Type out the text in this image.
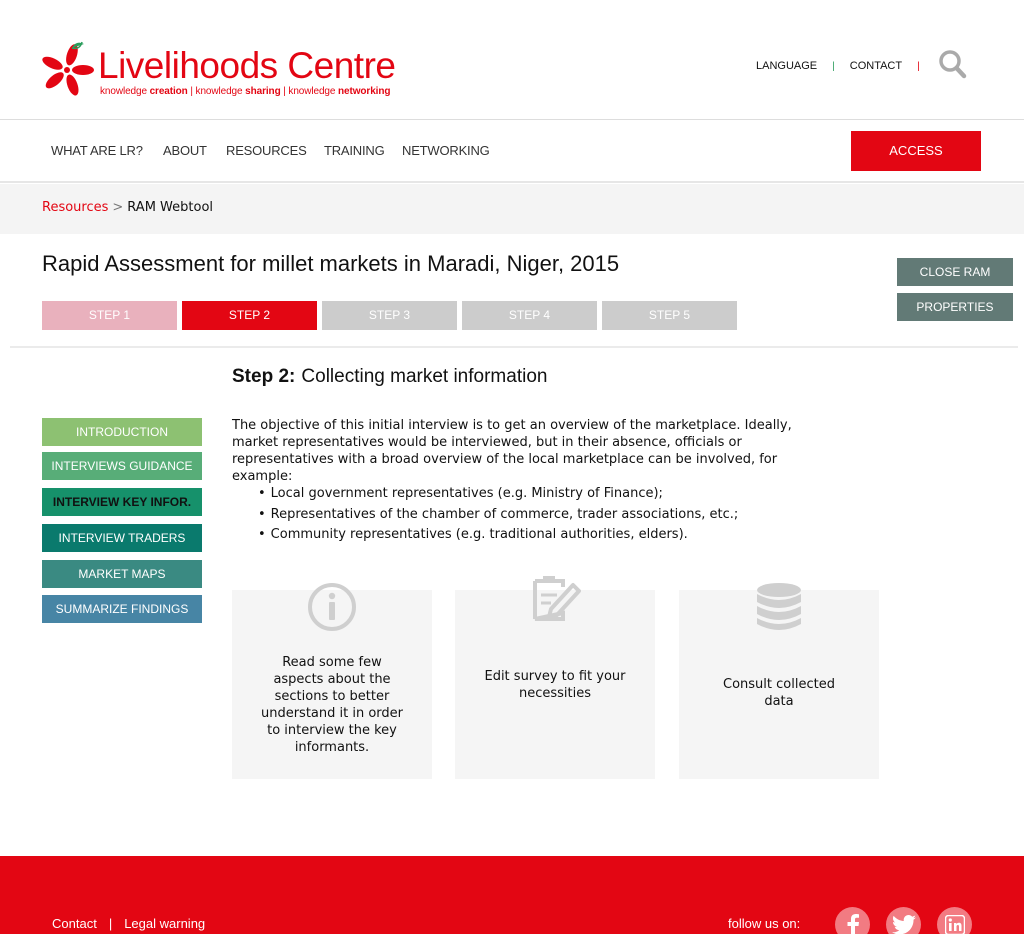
Livelihoods Centre
knowledge creation | knowledge sharing | knowledge networking
LANGUAGE | CONTACT |
WHAT ARE LR? ABOUT RESOURCES TRAINING NETWORKING	ACCESS
Resources > RAM Webtool
Rapid Assessment for millet markets in Maradi, Niger, 2015	CLOSE RAM
PROPERTIES
STEP 1	STEP 2	STEP 3	STEP 4	STEP 5
INTRODUCTION
INTERVIEWS GUIDANCE
INTERVIEW KEY INFOR.
INTERVIEW TRADERS
MARKET MAPS
SUMMARIZE FINDINGS
Step 2: Collecting market information

The objective of this initial interview is to get an overview of the marketplace. Ideally, market representatives would be interviewed, but in their absence, officials or representatives with a broad overview of the local marketplace can be involved, for example:

• Local government representatives (e.g. Ministry of Finance);
• Representatives of the chamber of commerce, trader associations, etc.;
• Community representatives (e.g. traditional authorities, elders).
Read some few aspects about the sections to better understand it in order to interview the key informants.
Edit survey to fit your necessities
Consult collected data
Contact | Legal warning	follow us on:
